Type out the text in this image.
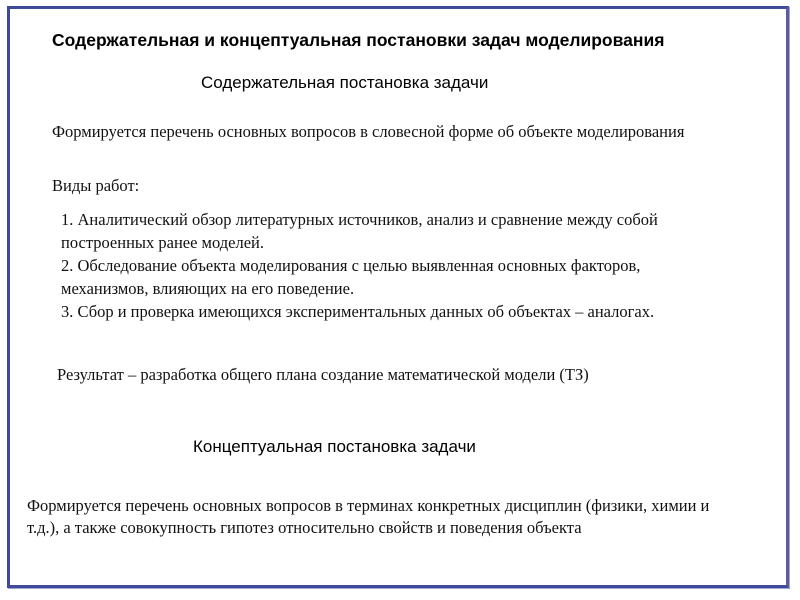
Содержательная и концептуальная постановки задач моделирования
Содержательная постановка задачи
Формируется перечень основных вопросов в словесной форме об объекте моделирования
Виды работ:

1. Аналитический обзор литературных источников, анализ и сравнение между собой построенных ранее моделей.

2. Обследование объекта моделирования с целью выявленная основных факторов, механизмов, влияющих на его поведение.

3. Сбор и проверка имеющихся экспериментальных данных об объектах – аналогах.

Результат – разработка общего плана создание математической модели (ТЗ)
Концептуальная постановка задачи
Формируется перечень основных вопросов в терминах конкретных дисциплин (физики, химии и т.д.), а также совокупность гипотез относительно свойств и поведения объекта
